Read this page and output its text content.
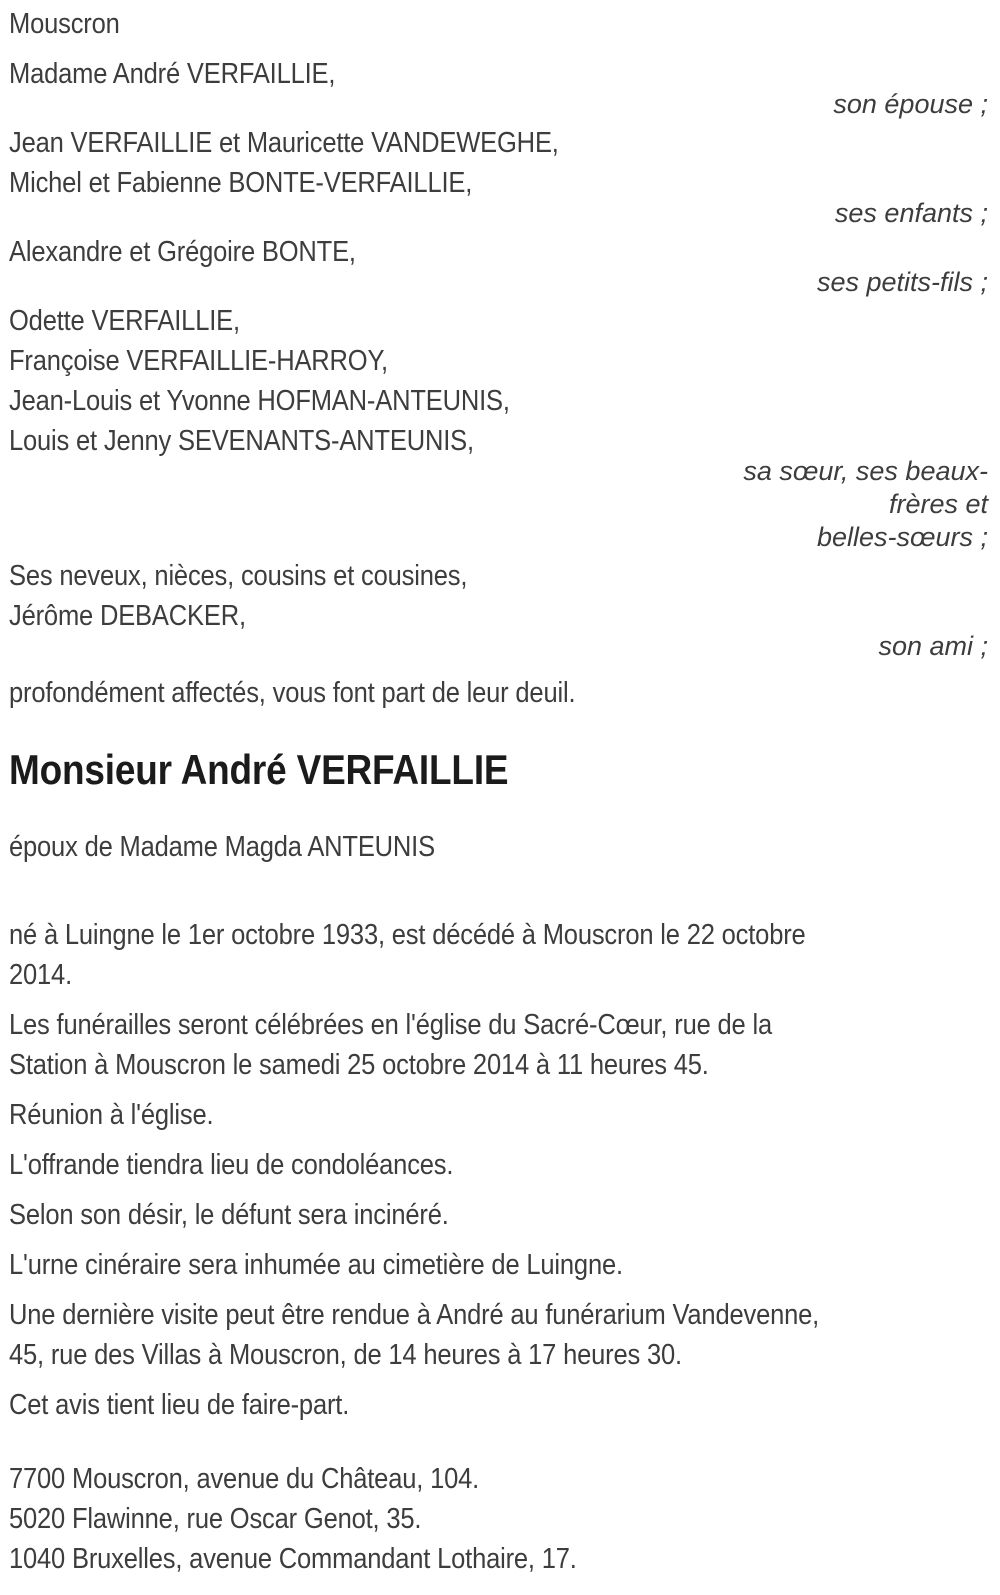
Mouscron
Madame André VERFAILLIE,
son épouse ;
Jean VERFAILLIE et Mauricette VANDEWEGHE,
Michel et Fabienne BONTE-VERFAILLIE,
ses enfants ;
Alexandre et Grégoire BONTE,
ses petits-fils ;
Odette VERFAILLIE,
Françoise VERFAILLIE-HARROY,
Jean-Louis et Yvonne HOFMAN-ANTEUNIS,
Louis et Jenny SEVENANTS-ANTEUNIS,
sa sœur, ses beaux-
frères et
belles-sœurs ;
Ses neveux, nièces, cousins et cousines,
Jérôme DEBACKER,
son ami ;
profondément affectés, vous font part de leur deuil.
Monsieur André VERFAILLIE
époux de Madame Magda ANTEUNIS
né à Luingne le 1er octobre 1933, est décédé à Mouscron le 22 octobre
2014.
Les funérailles seront célébrées en l'église du Sacré-Cœur, rue de la
Station à Mouscron le samedi 25 octobre 2014 à 11 heures 45.
Réunion à l'église.
L'offrande tiendra lieu de condoléances.
Selon son désir, le défunt sera incinéré.
L'urne cinéraire sera inhumée au cimetière de Luingne.
Une dernière visite peut être rendue à André au funérarium Vandevenne,
45, rue des Villas à Mouscron, de 14 heures à 17 heures 30.
Cet avis tient lieu de faire-part.
7700 Mouscron, avenue du Château, 104.
5020 Flawinne, rue Oscar Genot, 35.
1040 Bruxelles, avenue Commandant Lothaire, 17.
